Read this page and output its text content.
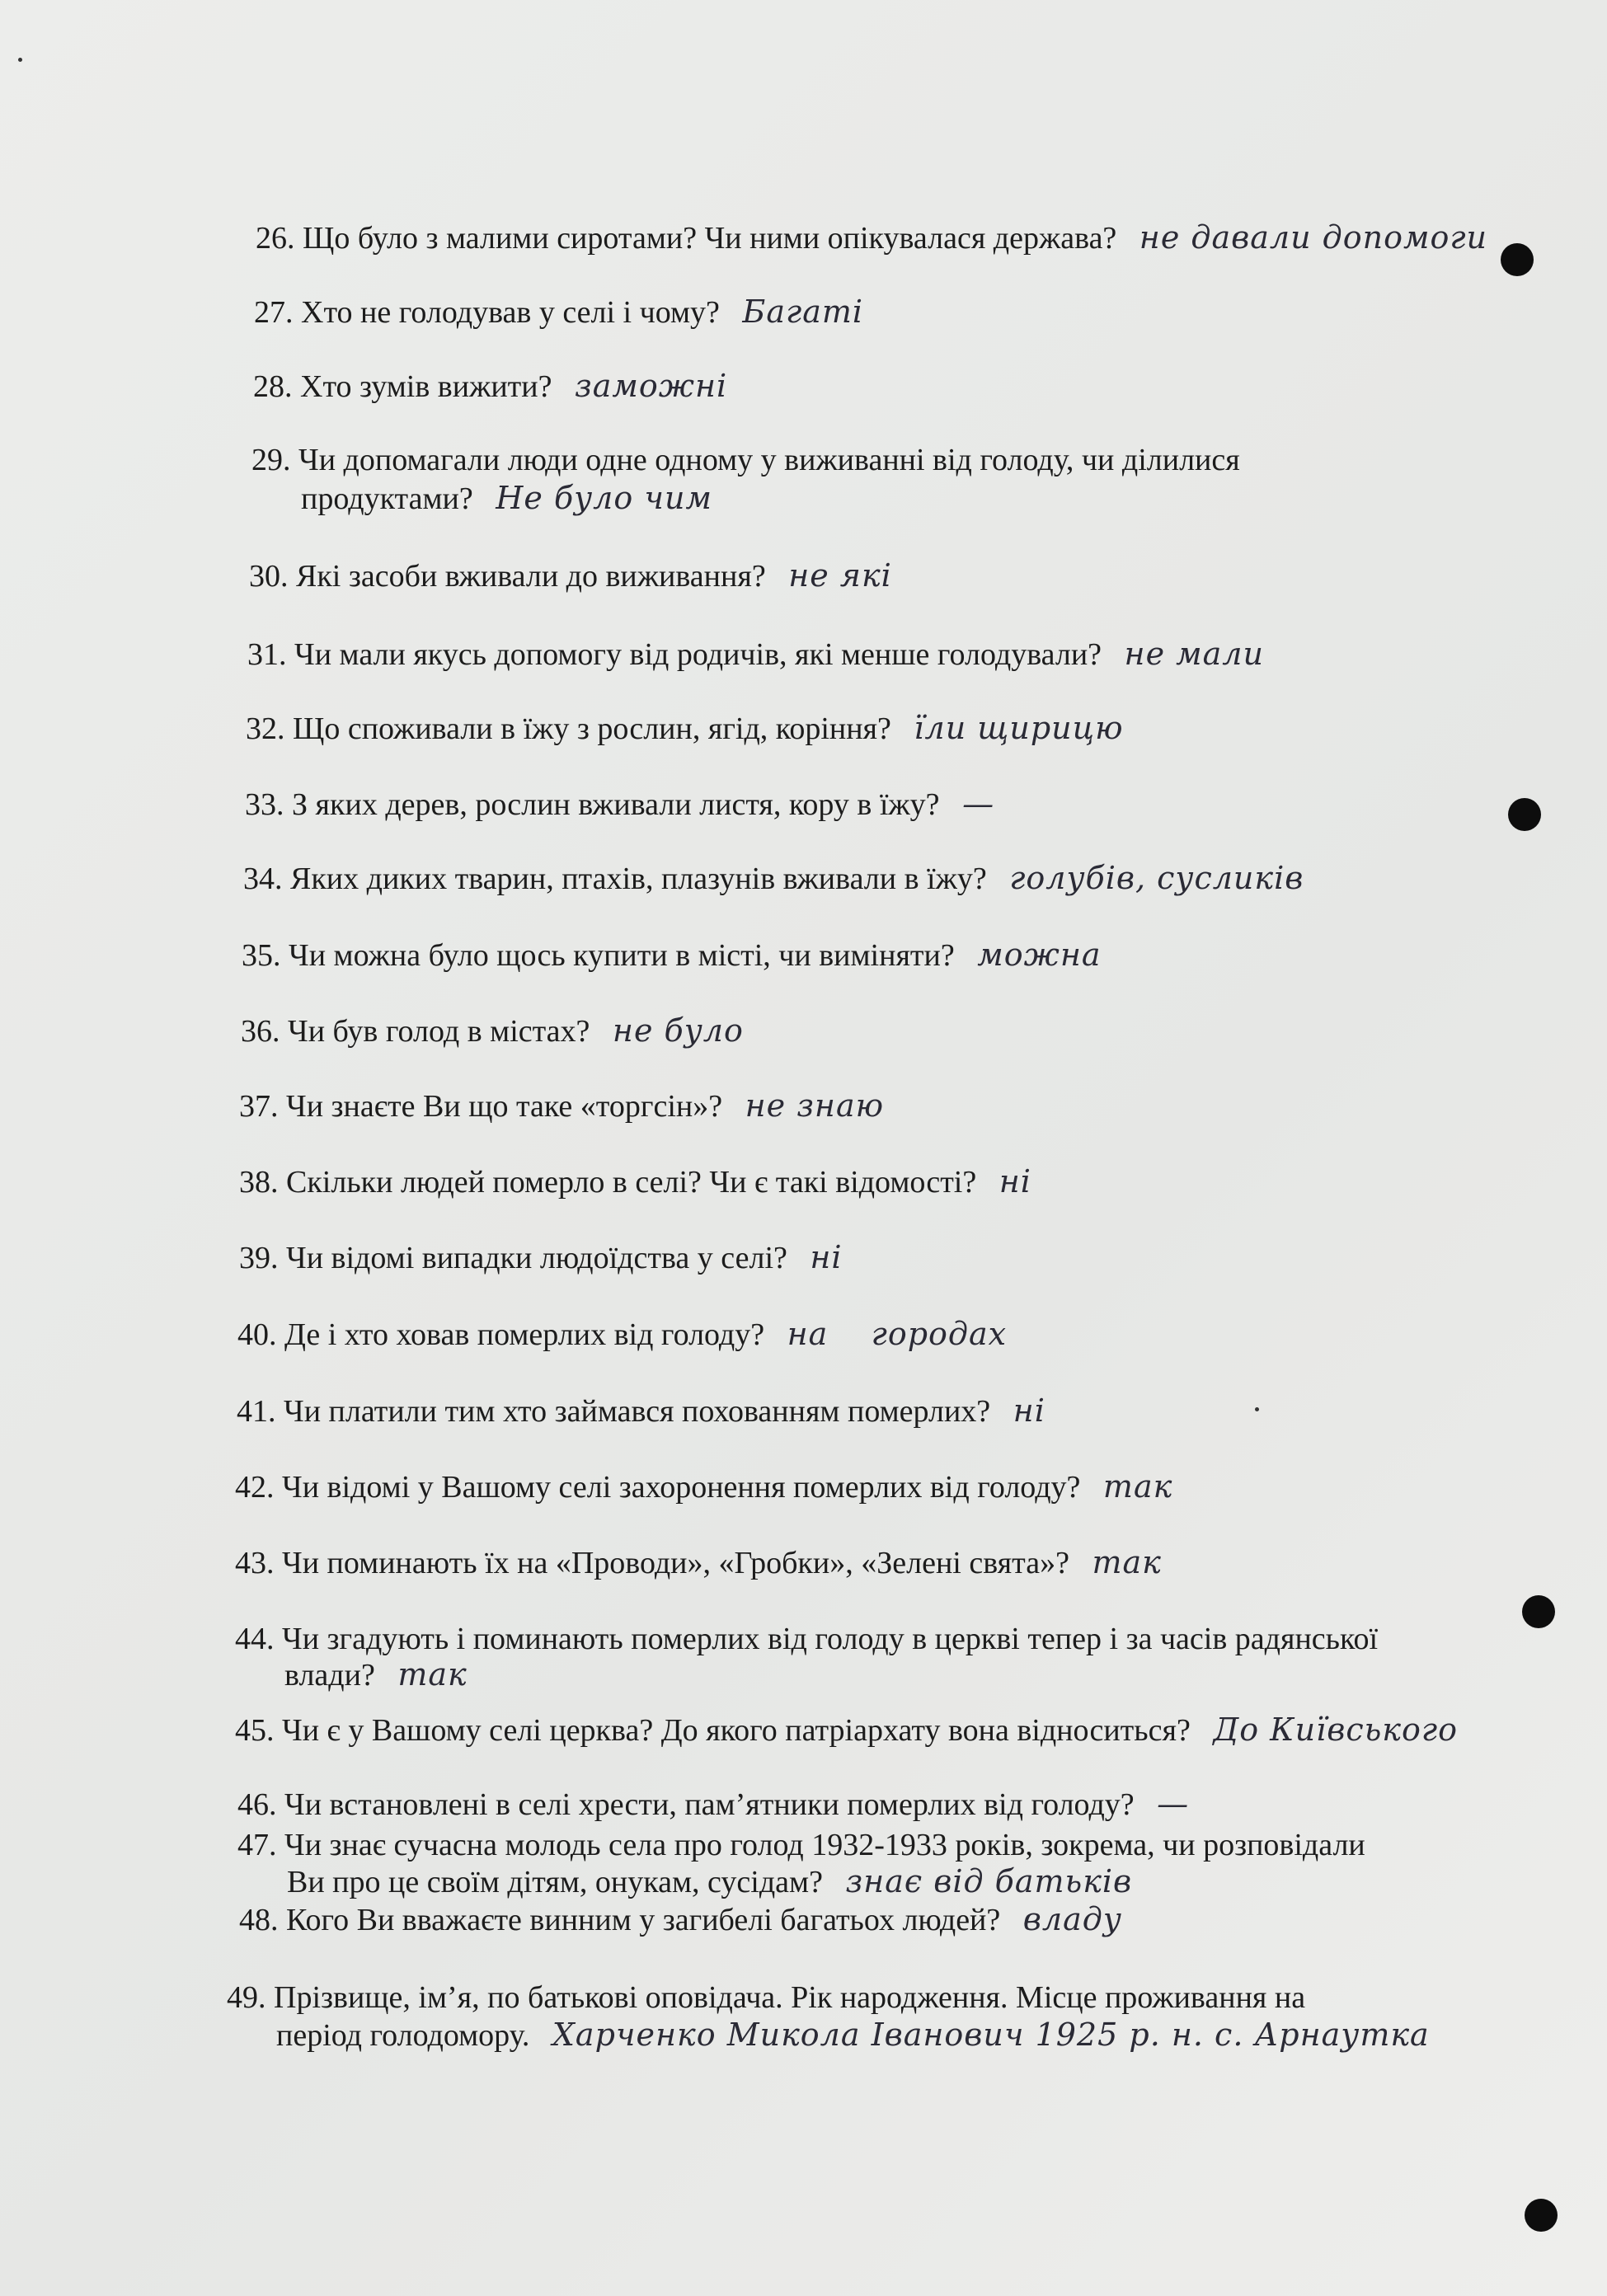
26. Що було з малими сиротами? Чи ними опікувалася держава? не давали допомоги
27. Хто не голодував у селі і чому? Багаті
28. Хто зумів вижити? заможні
29. Чи допомагали люди одне одному у виживанні від голоду, чи ділилися
продуктами? Не було чим
30. Які засоби вживали до виживання? не які
31. Чи мали якусь допомогу від родичів, які менше голодували? не мали
32. Що споживали в їжу з рослин, ягід, коріння? їли щирицю
33. З яких дерев, рослин вживали листя, кору в їжу? —
34. Яких диких тварин, птахів, плазунів вживали в їжу? голубів, сусликів
35. Чи можна було щось купити в місті, чи виміняти? можна
36. Чи був голод в містах? не було
37. Чи знаєте Ви що таке «торгсін»? не знаю
38. Скільки людей померло в селі? Чи є такі відомості? ні
39. Чи відомі випадки людоїдства у селі? ні
40. Де і хто ховав померлих від голоду? на    городах
41. Чи платили тим хто займався похованням померлих? ні
42. Чи відомі у Вашому селі захоронення померлих від голоду? так
43. Чи поминають їх на «Проводи», «Гробки», «Зелені свята»? так
44. Чи згадують і поминають померлих від голоду в церкві тепер і за часів радянської
влади? так
45. Чи є у Вашому селі церква? До якого патріархату вона відноситься? До Київського
46. Чи встановлені в селі хрести, пам’ятники померлих від голоду? —
47. Чи знає сучасна молодь села про голод 1932-1933 років, зокрема, чи розповідали
Ви про це своїм дітям, онукам, сусідам? знає від батьків
48. Кого Ви вважаєте винним у загибелі багатьох людей? владу
49. Прізвище, ім’я, по батькові оповідача. Рік народження. Місце проживання на
період голодомору. Харченко Микола Іванович 1925 р. н. с. Арнаутка
